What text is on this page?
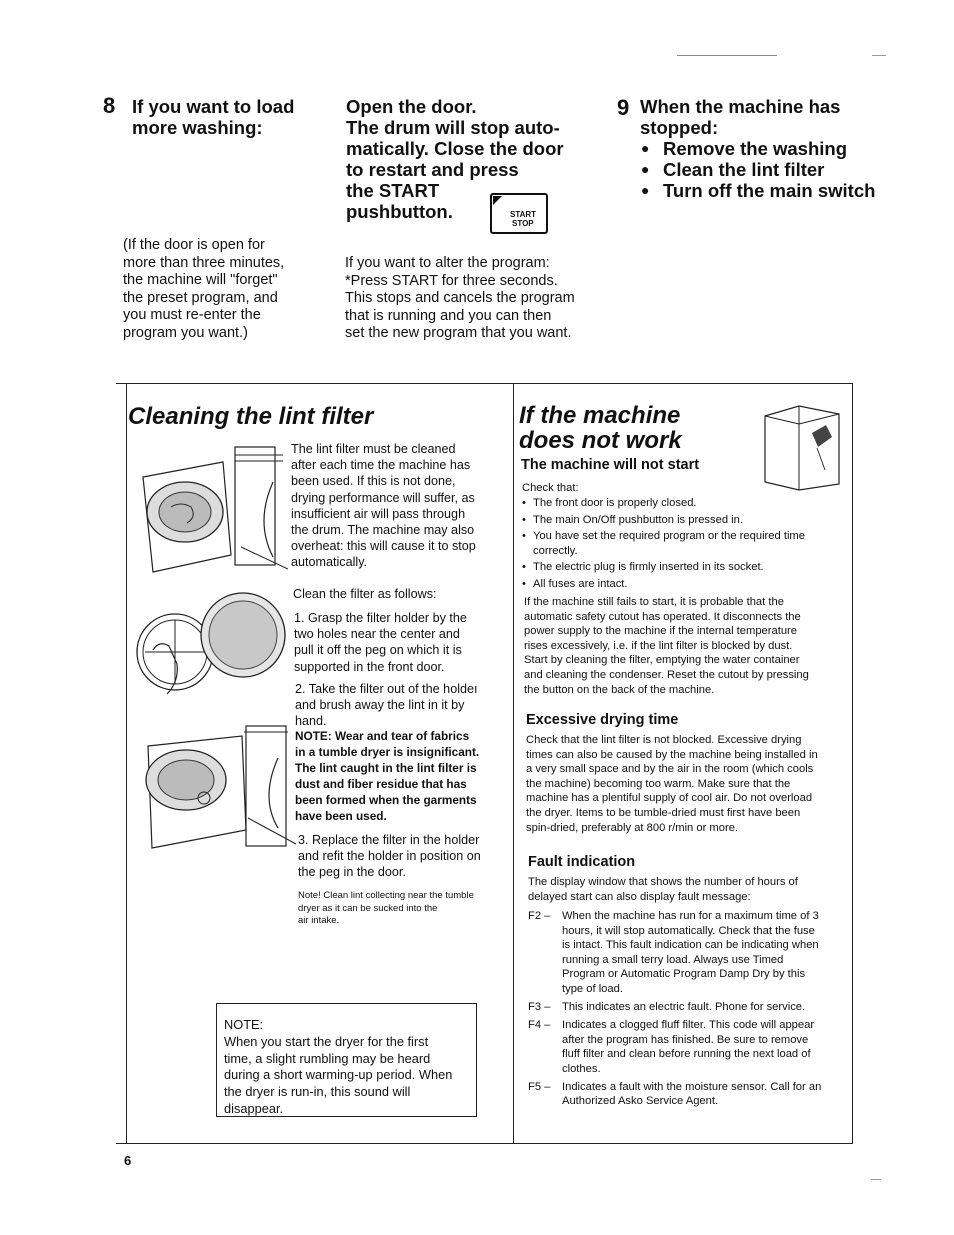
8 If you want to load
more washing:
(If the door is open for
more than three minutes,
the machine will "forget"
the preset program, and
you must re-enter the
program you want.)
Open the door.
The drum will stop auto-
matically. Close the door
to restart and press
the START
pushbutton.	START
STOP
If you want to alter the program:
*Press START for three seconds.
This stops and cancels the program
that is running and you can then
set the new program that you want.
9 When the machine has
stopped:
● Remove the washing
● Clean the lint filter
● Turn off the main switch
Cleaning the lint filter
The lint filter must be cleaned
after each time the machine has
been used. If this is not done,
drying performance will suffer, as
insufficient air will pass through
the drum. The machine may also
overheat: this will cause it to stop
automatically.
Clean the filter as follows:
1. Grasp the filter holder by the
two holes near the center and
pull it off the peg on which it is
supported in the front door.
2. Take the filter out of the holdeı
and brush away the lint in it by
hand.
NOTE: Wear and tear of fabrics
in a tumble dryer is insignificant.
The lint caught in the lint filter is
dust and fiber residue that has
been formed when the garments
have been used.
3. Replace the filter in the holder
and refit the holder in position on
the peg in the door.
Note! Clean lint collecting near the tumble
dryer as it can be sucked into the
air intake.
NOTE:
When you start the dryer for the first
time, a slight rumbling may be heard
during a short warming-up period. When
the dryer is run-in, this sound will
disappear.
If the machine
does not work
The machine will not start
Check that:
• The front door is properly closed.
• The main On/Off pushbutton is pressed in.
• You have set the required program or the required time correctly.
• The electric plug is firmly inserted in its socket.
• All fuses are intact.
If the machine still fails to start, it is probable that the
automatic safety cutout has operated. It disconnects the
power supply to the machine if the internal temperature
rises excessively, i.e. if the lint filter is blocked by dust.
Start by cleaning the filter, emptying the water container
and cleaning the condenser. Reset the cutout by pressing
the button on the back of the machine.
Excessive drying time
Check that the lint filter is not blocked. Excessive drying
times can also be caused by the machine being installed in
a very small space and by the air in the room (which cools
the machine) becoming too warm. Make sure that the
machine has a plentiful supply of cool air. Do not overload
the dryer. Items to be tumble-dried must first have been
spin-dried, preferably at 800 r/min or more.
Fault indication
The display window that shows the number of hours of
delayed start can also display fault message:
F2 –	When the machine has run for a maximum time of 3
hours, it will stop automatically. Check that the fuse
is intact. This fault indication can be indicating when
running a small terry load. Always use Timed
Program or Automatic Program Damp Dry by this
type of load.
F3 –	This indicates an electric fault. Phone for service.
F4 –	Indicates a clogged fluff filter. This code will appear
after the program has finished. Be sure to remove
fluff filter and clean before running the next load of
clothes.
F5 –	Indicates a fault with the moisture sensor. Call for an
Authorized Asko Service Agent.
6
